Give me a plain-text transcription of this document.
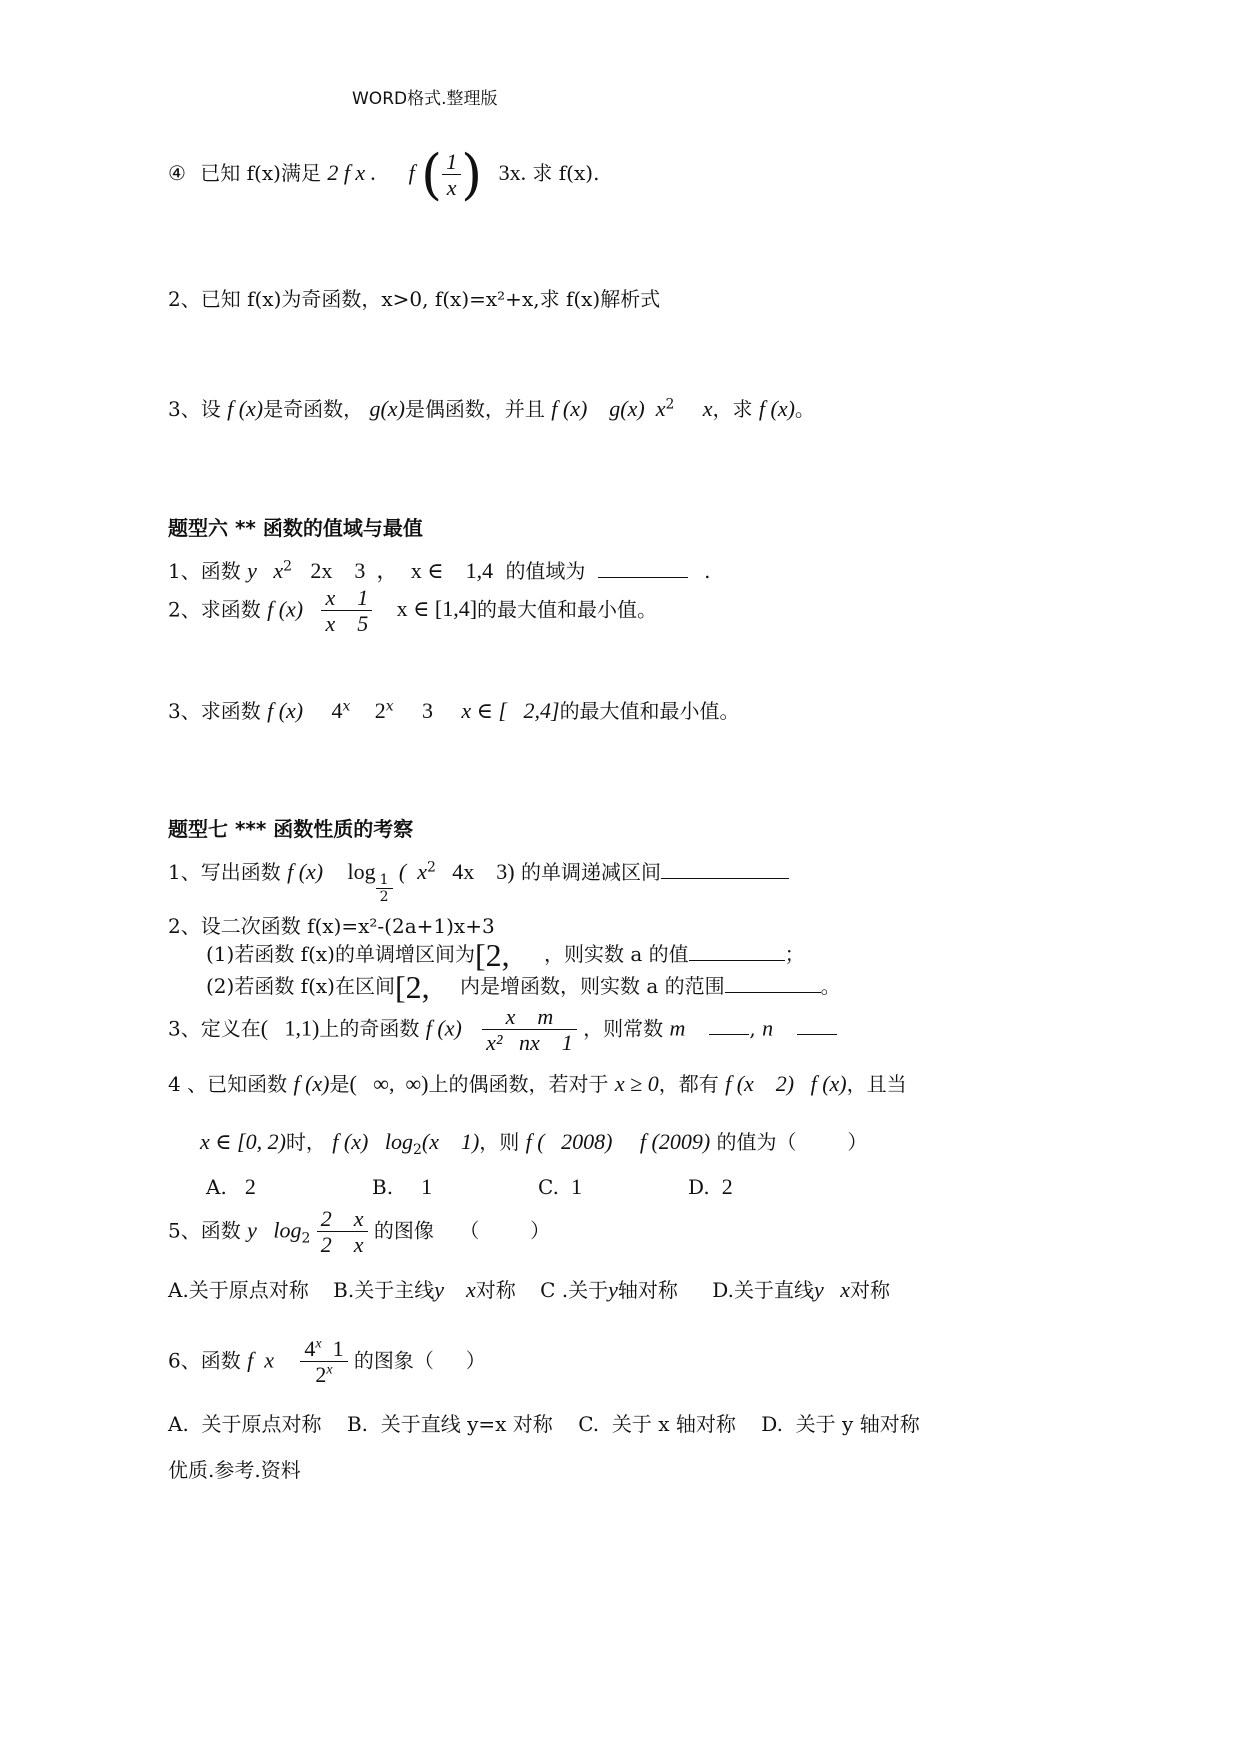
WORD格式.整理版
④ 已知 f(x)满足 2 f x . f ( $\frac{1}{x}$ ) 3x. 求 f(x).
2、已知 f(x)为奇函数，x>0, f(x)=x²+x,求 f(x)解析式
3、设 f (x)是奇函数， g(x)是偶函数，并且 f (x)    g(x)  $x^2$ x，求 f (x)。
题型六 ** 函数的值域与最值
1、函数 y   $x^2$ 2x    3  ， x ∈    1,4 的值域为	.
2、求函数 f $(x) \frac{x 1}{x 5}$ x ∈ [1,4]的最大值和最小值。
3、求函数 f (x) 4$^x$ 2$^x$ 3 x ∈ [   2,4]的最大值和最小值。
题型七 *** 函数性质的考察
1、写出函数 f (x) log
$\frac{1}{2}$
(  $x^2$ 4x    3) 的单调递减区间
2、设二次函数 f(x)=x²-(2a+1)x+3
(1)若函数 f(x)的单调增区间为[2, ，则实数 a 的值	；
(2)若函数 f(x)在区间[2, 内是增函数，则实数 a 的范围	。
3、定义在(   1,1)上的奇函数 f $(x) \frac{\text{x    m}}{\text{x²   nx    1}}$ ，则常数 m	, n
4 、已知函数 f (x)是(   ∞,  ∞)上的偶函数，若对于 x ≥ 0，都有 f (x    2)   f (x)，且当
x ∈ [0, 2)时， f (x)   $\log_2(x$    1)，则 f (   2008)     f (2009) 的值为（        ）
A. 2	B. 1	C. 1	D. 2
5、函数 y   $\log_2 \frac{2 x}{2 x}$ 的图像    （        ）
A.关于原点对称 B.关于主线y    x对称 C .关于y轴对称 D.关于直线y   x对称
6、函数 f  x $\frac{4^x 1}{2^x}$ 的图象（     ）
A.  关于原点对称    B.  关于直线 y=x 对称    C.  关于 x 轴对称    D.  关于 y 轴对称
优质.参考.资料
